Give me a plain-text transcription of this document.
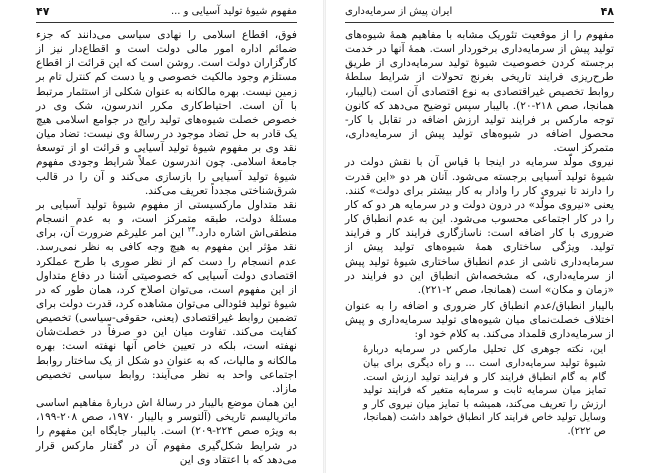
۴۷	مفهوم شیوهٔ تولید آسیایی و ...

فوق، اقطاع اسلامی را نهادی سیاسی می‌دانند که جزء ضمائم اداره امور مالی دولت است و اقطاع‌دار نیز از کارگزاران دولت است. روشن است که این قرائت از اقطاع مستلزم وجود مالکیت خصوصی و یا دست کم کنترل تام بر زمین نیست. بهره مالکانه به عنوان شکلی از استثمار مرتبط با آن است. احتیاط‌کاری مکرر اندرسون، شک وی در خصوص خصلت شیوه‌های تولید رایج در جوامع اسلامی هیچ یک قادر به حل تضاد موجود در رسالهٔ وی نیست: تضاد میان نقد وی بر مفهوم شیوهٔ تولید آسیایی و قرائت او از توسعهٔ جامعهٔ اسلامی. چون اندرسون عملاً شرایط وجودی مفهوم شیوهٔ تولید آسیایی را بازسازی می‌کند و آن را در قالب شرق‌شناختی مجدداً تعریف می‌کند.

نقد متداول مارکسیستی از مفهوم شیوهٔ تولید آسیایی بر مسئلهٔ دولت، طبقه متمرکز است، و به عدم انسجام منطقی‌اش اشاره دارد.$^{۲۳}$ این امر علیرغم ضرورت آن، برای نقد مؤثر این مفهوم به هیچ وجه کافی به نظر نمی‌رسد. عدم انسجام را دست کم از نظر صوری با طرح عملکرد اقتصادی دولت آسیایی که خصوصیتی آشنا در دفاع متداول از این مفهوم است، می‌توان اصلاح کرد، همان طور که در شیوهٔ تولید فئودالی می‌توان مشاهده کرد، قدرت دولت برای تضمین روابط غیراقتصادی (یعنی، حقوقی-سیاسی) تخصیص کفایت می‌کند. تفاوت میان این دو صرفاً در خصلت‌شان نهفته است، بلکه در تعیین خاص آنها نهفته است: بهره مالکانه و مالیات، که به عنوان دو شکل از یک ساختار روابط اجتماعی واحد به نظر می‌آیند: روابط سیاسی تخصیص مازاد.

این همان موضع بالیبار در رسالهٔ اش دربارهٔ مفاهیم اساسی ماتریالیسم تاریخی (آلتوسر و بالیبار ۱۹۷۰، صص ۲۰۸-۱۹۹، به ویژه صص ۲۲۴-۲۰۹) است. بالیبار جایگاه این مفهوم را در شرایط شکل‌گیری مفهوم آن در گفتار مارکس قرار می‌دهد که با اعتقاد وی این

۴۸
ایران پیش از سرمایه‌داری

مفهوم را از موقعیت تئوریک مشابه با مفاهیم همهٔ شیوه‌های تولید پیش از سرمایه‌داری برخوردار است. همهٔ آنها در خدمت برجسته کردن خصوصیت شیوهٔ تولید سرمایه‌داری از طریق طرح‌ریزی فرایند تاریخی بغرنج تحولات از شرایط سلطهٔ روابط تخصیص غیراقتصادی به نوع اقتصادی آن است (بالیبار، همانجا، صص ۲۱۸-۲۰). بالیبار سپس توضیح می‌دهد که کانون توجه مارکس بر فرایند تولید ارزش اضافه در تقابل با کار-محصول اضافه در شیوه‌های تولید پیش از سرمایه‌داری، متمرکز است.

نیروی مولّد سرمایه در اینجا با قیاس آن با نقش دولت در شیوهٔ تولید آسیایی برجسته می‌شود. آنان هر دو «این قدرت را دارند تا نیروی کار را وادار به کار بیشتر برای دولت» کنند. یعنی «نیروی مولّد» در درون دولت و در سرمایه هر دو که کار را در کار اجتماعی محسوب می‌شود. این به عدم انطباق کار ضروری با کار اضافه است: ناسازگاری فرایند کار و فرایند تولید. ویژگی ساختاری همهٔ شیوه‌های تولید پیش از سرمایه‌داری ناشی از عدم انطباق ساختاری شیوهٔ تولید پیش از سرمایه‌داری، که مشخصه‌اش انطباق این دو فرایند در «زمان و مکان» است (همانجا، صص ۲-۲۲۱).

بالیبار انطباق/عدم انطباق کار ضروری و اضافه را به عنوان اختلاف خصلت‌نمای میان شیوه‌های تولید سرمایه‌داری و پیش از سرمایه‌داری قلمداد می‌کند. به کلام خود او:

این، نکته جوهری کل تحلیل مارکس در سرمایه دربارهٔ شیوهٔ تولید سرمایه‌داری است ... و راه دیگری برای بیان گام به گام انطباق فرایند کار و فرایند تولید ارزش است. تمایز میان سرمایه ثابت و سرمایه متغیر که فرایند تولید ارزش را تعریف می‌کند، همیشه با تمایز میان نیروی کار و وسایل تولید خاص فرایند کار انطباق خواهد داشت (همانجا، ص ۲۲۲).
